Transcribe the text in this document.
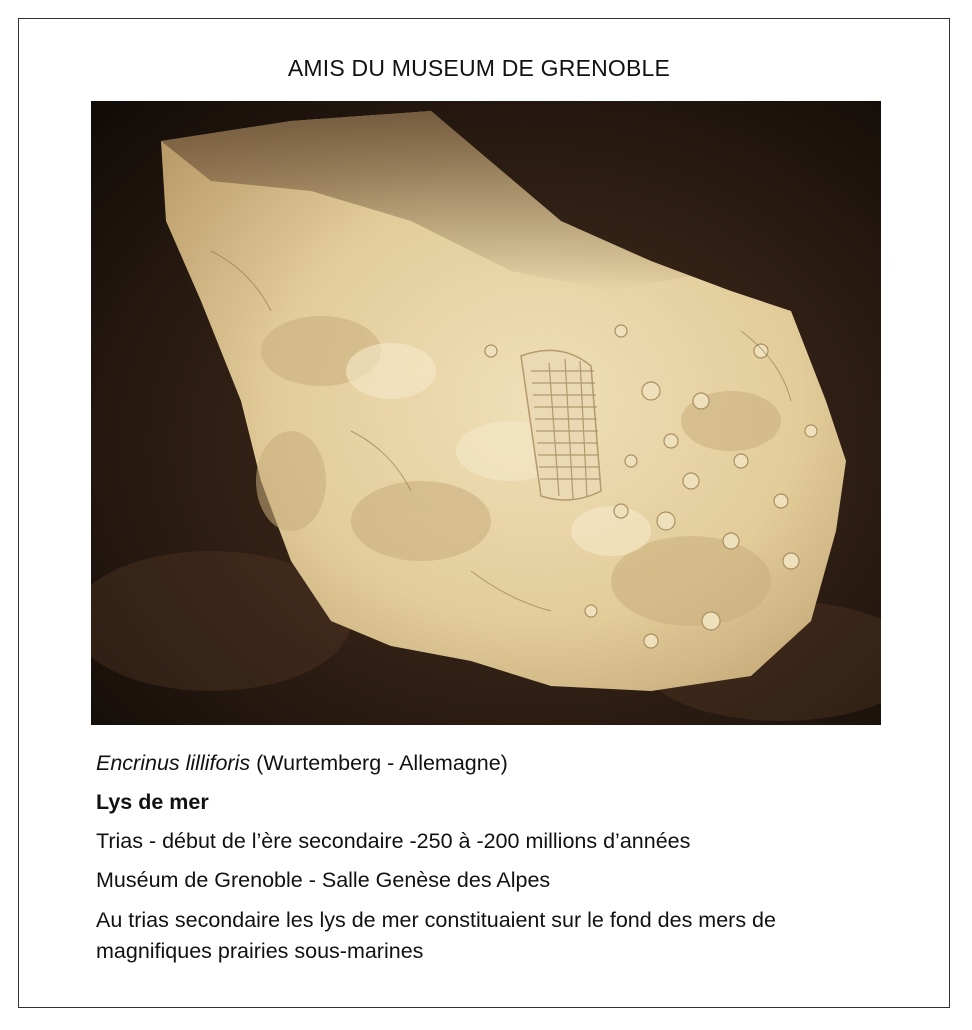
AMIS DU MUSEUM DE GRENOBLE

Encrinus lilliforis (Wurtemberg - Allemagne)

Lys de mer

Trias - début de l’ère secondaire -250 à -200 millions d’années

Muséum de Grenoble - Salle Genèse des Alpes

Au trias secondaire les lys de mer constituaient sur le fond des mers de magnifiques prairies sous-marines
